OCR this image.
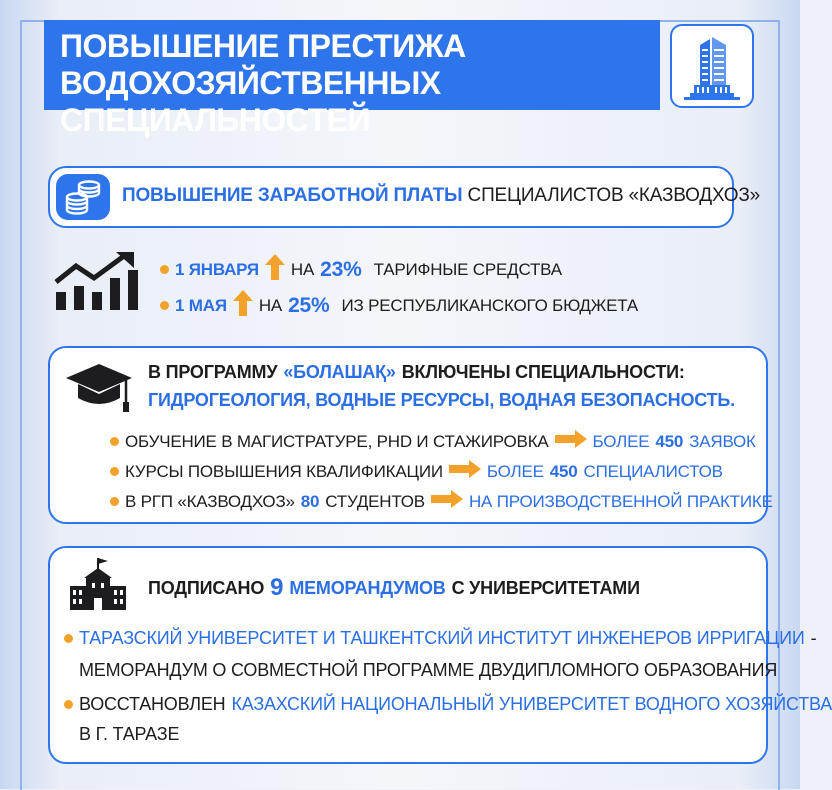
ПОВЫШЕНИЕ ПРЕСТИЖА
ВОДОХОЗЯЙСТВЕННЫХ СПЕЦИАЛЬНОСТЕЙ
ПОВЫШЕНИЕ ЗАРАБОТНОЙ ПЛАТЫ СПЕЦИАЛИСТОВ «КАЗВОДХОЗ»
1 ЯНВАРЯ НА 23% ТАРИФНЫЕ СРЕДСТВА
1 МАЯ НА 25% ИЗ РЕСПУБЛИКАНСКОГО БЮДЖЕТА
В ПРОГРАММУ «БОЛАШАҚ» ВКЛЮЧЕНЫ СПЕЦИАЛЬНОСТИ:
ГИДРОГЕОЛОГИЯ, ВОДНЫЕ РЕСУРСЫ, ВОДНАЯ БЕЗОПАСНОСТЬ.
ОБУЧЕНИЕ В МАГИСТРАТУРЕ, PHD И СТАЖИРОВКА	БОЛЕЕ 450 ЗАЯВОК
КУРСЫ ПОВЫШЕНИЯ КВАЛИФИКАЦИИ	БОЛЕЕ 450 СПЕЦИАЛИСТОВ
В РГП «КАЗВОДХОЗ» 80 СТУДЕНТОВ	НА ПРОИЗВОДСТВЕННОЙ ПРАКТИКЕ
ПОДПИСАНО 9 МЕМОРАНДУМОВ С УНИВЕРСИТЕТАМИ
ТАРАЗСКИЙ УНИВЕРСИТЕТ И ТАШКЕНТСКИЙ ИНСТИТУТ ИНЖЕНЕРОВ ИРРИГАЦИИ -
МЕМОРАНДУМ О СОВМЕСТНОЙ ПРОГРАММЕ ДВУДИПЛОМНОГО ОБРАЗОВАНИЯ
ВОССТАНОВЛЕН КАЗАХСКИЙ НАЦИОНАЛЬНЫЙ УНИВЕРСИТЕТ ВОДНОГО ХОЗЯЙСТВА
В Г. ТАРАЗЕ
